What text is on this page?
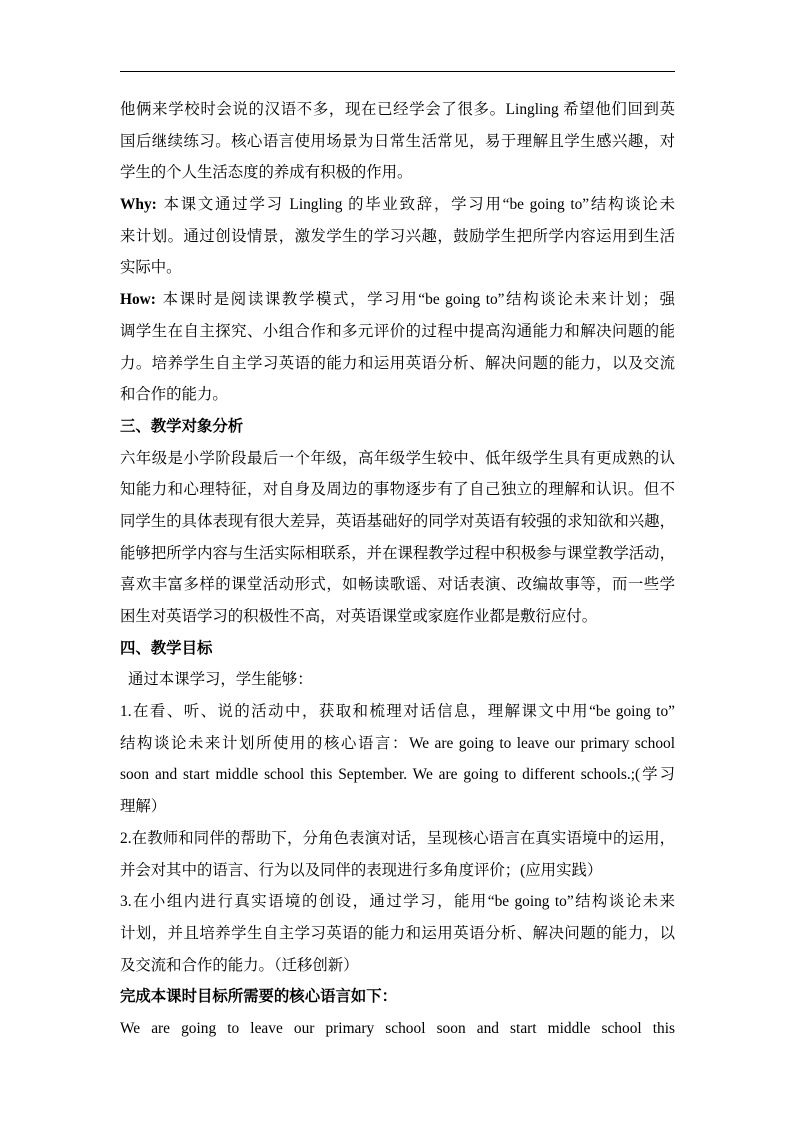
他俩来学校时会说的汉语不多，现在已经学会了很多。Lingling 希望他们回到英
国后继续练习。核心语言使用场景为日常生活常见，易于理解且学生感兴趣，对
学生的个人生活态度的养成有积极的作用。
Why: 本课文通过学习 Lingling 的毕业致辞，学习用“be going to”结构谈论未
来计划。通过创设情景，激发学生的学习兴趣，鼓励学生把所学内容运用到生活
实际中。
How: 本课时是阅读课教学模式，学习用“be going to”结构谈论未来计划；强
调学生在自主探究、小组合作和多元评价的过程中提高沟通能力和解决问题的能
力。培养学生自主学习英语的能力和运用英语分析、解决问题的能力，以及交流
和合作的能力。
三、教学对象分析
六年级是小学阶段最后一个年级，高年级学生较中、低年级学生具有更成熟的认
知能力和心理特征，对自身及周边的事物逐步有了自己独立的理解和认识。但不
同学生的具体表现有很大差异，英语基础好的同学对英语有较强的求知欲和兴趣，
能够把所学内容与生活实际相联系，并在课程教学过程中积极参与课堂教学活动，
喜欢丰富多样的课堂活动形式，如畅读歌谣、对话表演、改编故事等，而一些学
困生对英语学习的积极性不高，对英语课堂或家庭作业都是敷衍应付。
四、教学目标
通过本课学习，学生能够：
1.在看、听、说的活动中，获取和梳理对话信息，理解课文中用“be going to”
结构谈论未来计划所使用的核心语言：We are going to leave our primary school
soon and start middle school this September. We are going to different schools.;(学习
理解）
2.在教师和同伴的帮助下，分角色表演对话，呈现核心语言在真实语境中的运用，
并会对其中的语言、行为以及同伴的表现进行多角度评价；(应用实践）
3.在小组内进行真实语境的创设，通过学习，能用“be going to”结构谈论未来
计划，并且培养学生自主学习英语的能力和运用英语分析、解决问题的能力，以
及交流和合作的能力。（迁移创新）
完成本课时目标所需要的核心语言如下：
We are going to leave our primary school soon and start middle school this
